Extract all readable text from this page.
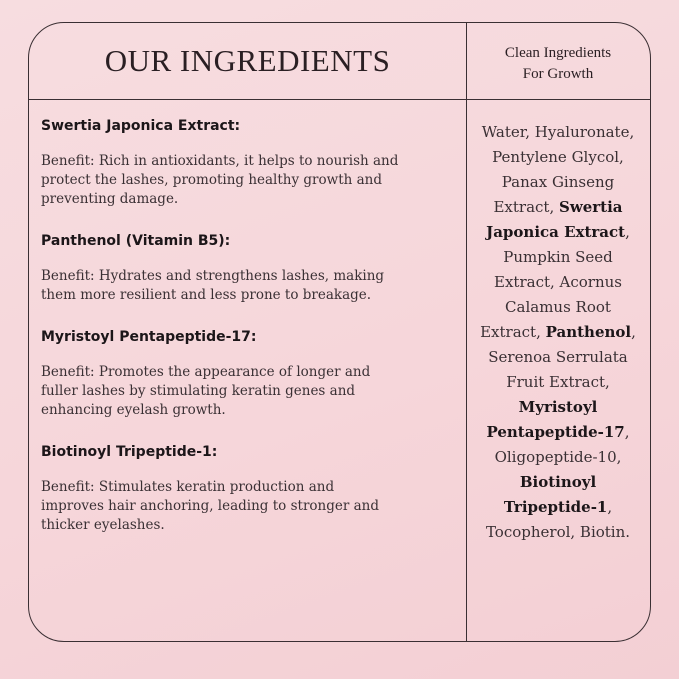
OUR INGREDIENTS	Clean Ingredients
For Growth

Swertia Japonica Extract:

Benefit: Rich in antioxidants, it helps to nourish and protect the lashes, promoting healthy growth and preventing damage.

Panthenol (Vitamin B5):

Benefit: Hydrates and strengthens lashes, making them more resilient and less prone to breakage.

Myristoyl Pentapeptide-17:

Benefit: Promotes the appearance of longer and fuller lashes by stimulating keratin genes and enhancing eyelash growth.

Biotinoyl Tripeptide-1:

Benefit: Stimulates keratin production and improves hair anchoring, leading to stronger and thicker eyelashes.

Water, Hyaluronate, Pentylene Glycol, Panax Ginseng Extract, Swertia Japonica Extract, Pumpkin Seed Extract, Acornus Calamus Root Extract, Panthenol, Serenoa Serrulata Fruit Extract, Myristoyl Pentapeptide-17, Oligopeptide-10, Biotinoyl Tripeptide-1, Tocopherol, Biotin.
